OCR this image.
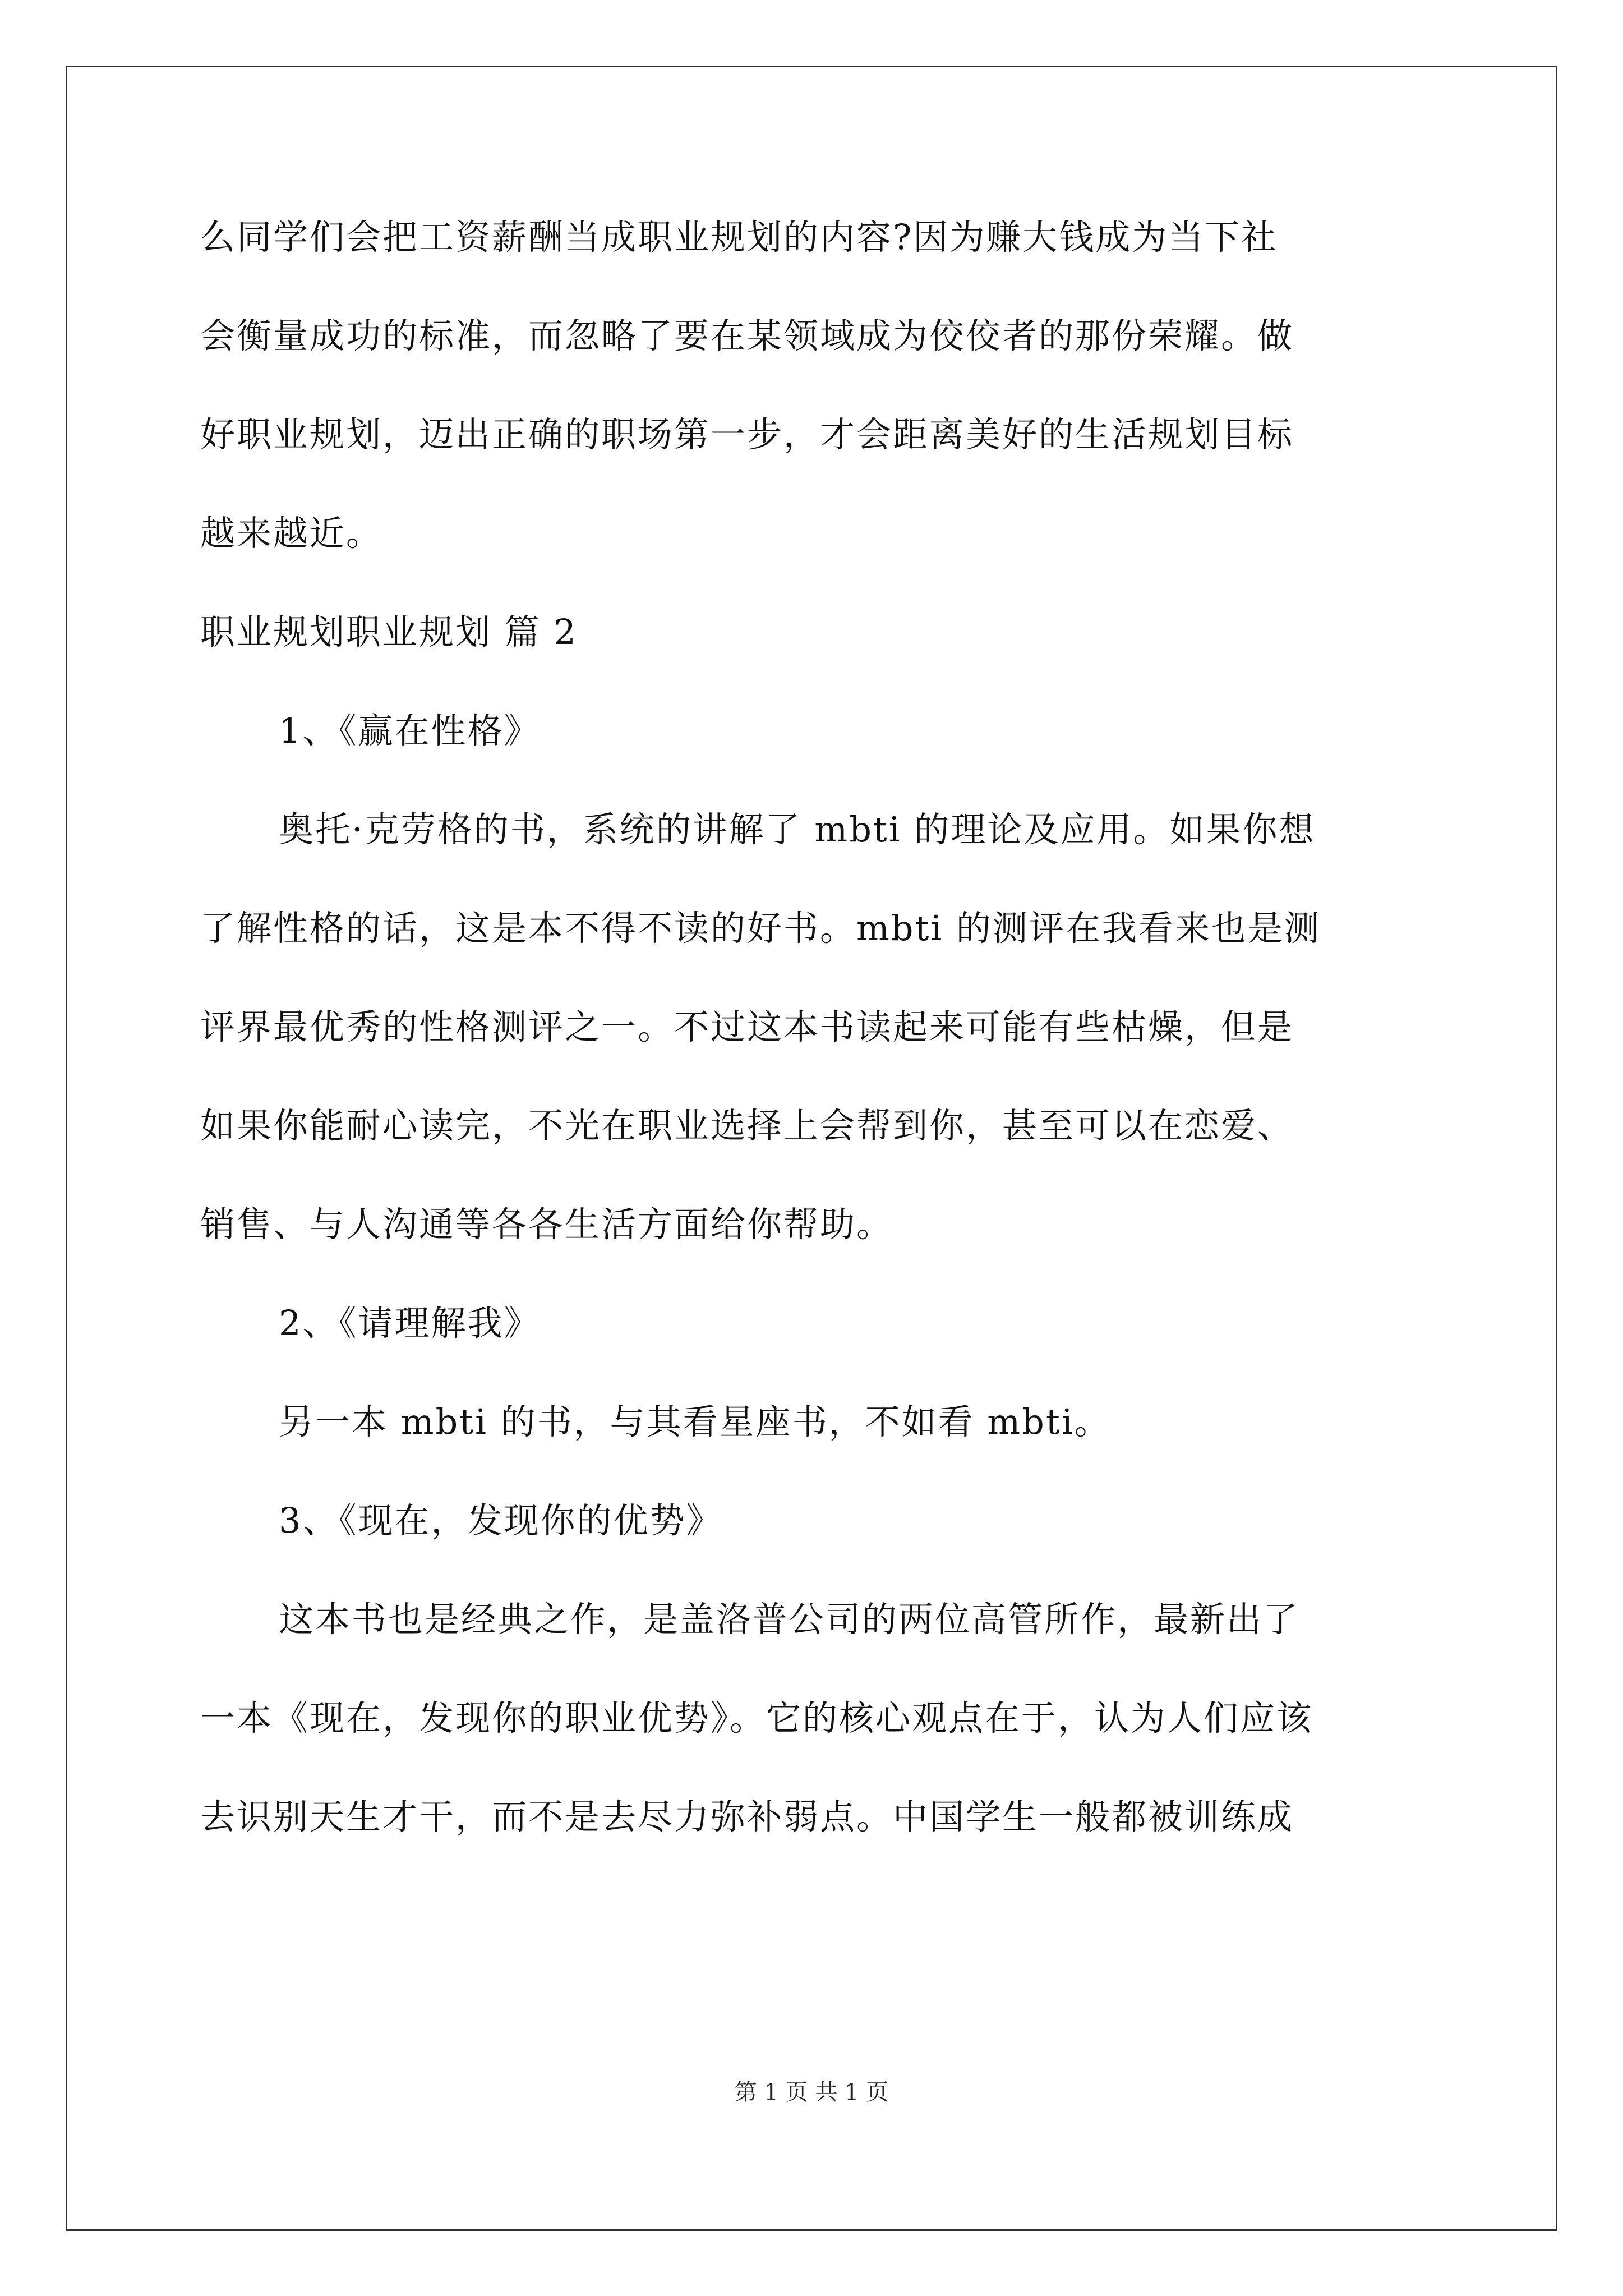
么同学们会把工资薪酬当成职业规划的内容?因为赚大钱成为当下社
会衡量成功的标准，而忽略了要在某领域成为佼佼者的那份荣耀。做
好职业规划，迈出正确的职场第一步，才会距离美好的生活规划目标
越来越近。
职业规划职业规划 篇 2
1、《赢在性格》
奥托·克劳格的书，系统的讲解了 mbti 的理论及应用。如果你想
了解性格的话，这是本不得不读的好书。mbti 的测评在我看来也是测
评界最优秀的性格测评之一。不过这本书读起来可能有些枯燥，但是
如果你能耐心读完，不光在职业选择上会帮到你，甚至可以在恋爱、
销售、与人沟通等各各生活方面给你帮助。
2、《请理解我》
另一本 mbti 的书，与其看星座书，不如看 mbti。
3、《现在，发现你的优势》
这本书也是经典之作，是盖洛普公司的两位高管所作，最新出了
一本《现在，发现你的职业优势》。它的核心观点在于，认为人们应该
去识别天生才干，而不是去尽力弥补弱点。中国学生一般都被训练成
第 1 页 共 1 页
